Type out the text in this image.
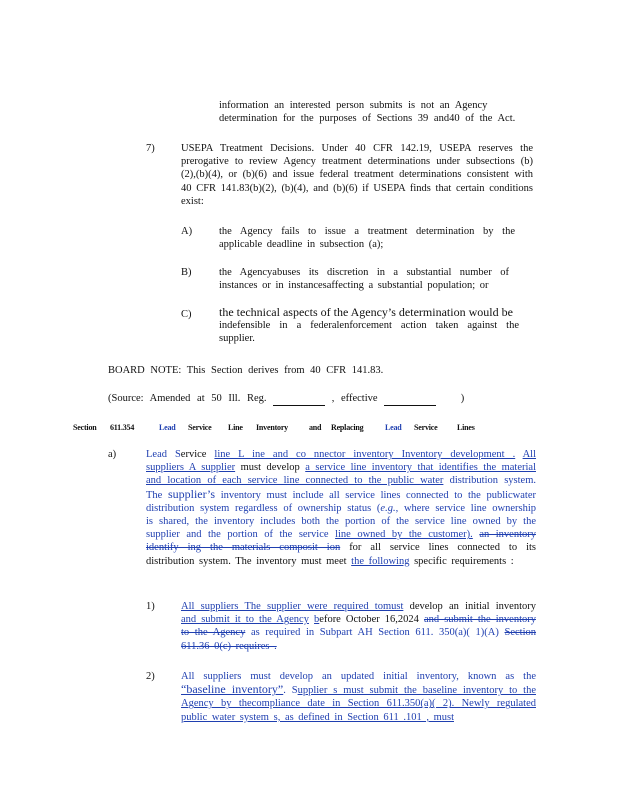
information an interested person submits is not an Agency
determination for the purposes of Sections 39 and40 of the Act.
7)	USEPA Treatment Decisions. Under 40 CFR 142.19, USEPA reserves the prerogative to review Agency treatment determinations under subsections (b)(2),(b)(4), or (b)(6) and issue federal treatment determinations consistent with 40 CFR 141.83(b)(2), (b)(4), and (b)(6) if USEPA finds that certain conditions exist:
A)	the Agency fails to issue a treatment determination by the applicable deadline in subsection (a);
B)	the Agencyabuses its discretion in a substantial number of instances or in instancesaffecting a substantial population; or
C) the technical aspects of the Agency’s determination would be
indefensible in a federalenforcement action taken against the supplier.
BOARD NOTE: This Section derives from 40 CFR 141.83.
(Source: Amended at 50 Ill. Reg.	, effective	)
Section 611.354	Lead Service Line Inventory	and Replacing	Lead Service Lines
a)	Lead Service line L ine and co nnector inventory Inventory development . All suppliers A supplier must develop a service line inventory that identifies the material and location of each service line connected to the public water distribution system. The supplier’s inventory must include all service lines connected to the publicwater distribution system regardless of ownership status (e.g., where service line ownership is shared, the inventory includes both the portion of the service line owned by the supplier and the portion of the service line owned by the customer). an inventory identify ing the materials composit ion for all service lines connected to its distribution system. The inventory must meet the following specific requirements :
1)	All suppliers The supplier were required tomust develop an initial inventory and submit it to the Agency before October 16,2024 and submit the inventory to the Agency as required in Subpart AH Section 611. 350(a)( 1)(A) Section 611.36 0(c) requires .
2)	All suppliers must develop an updated initial inventory, known as the “baseline inventory”. Supplier s must submit the baseline inventory to the Agency by thecompliance date in Section 611.350(a)( 2). Newly regulated public water system s, as defined in Section 611 .101 , must
